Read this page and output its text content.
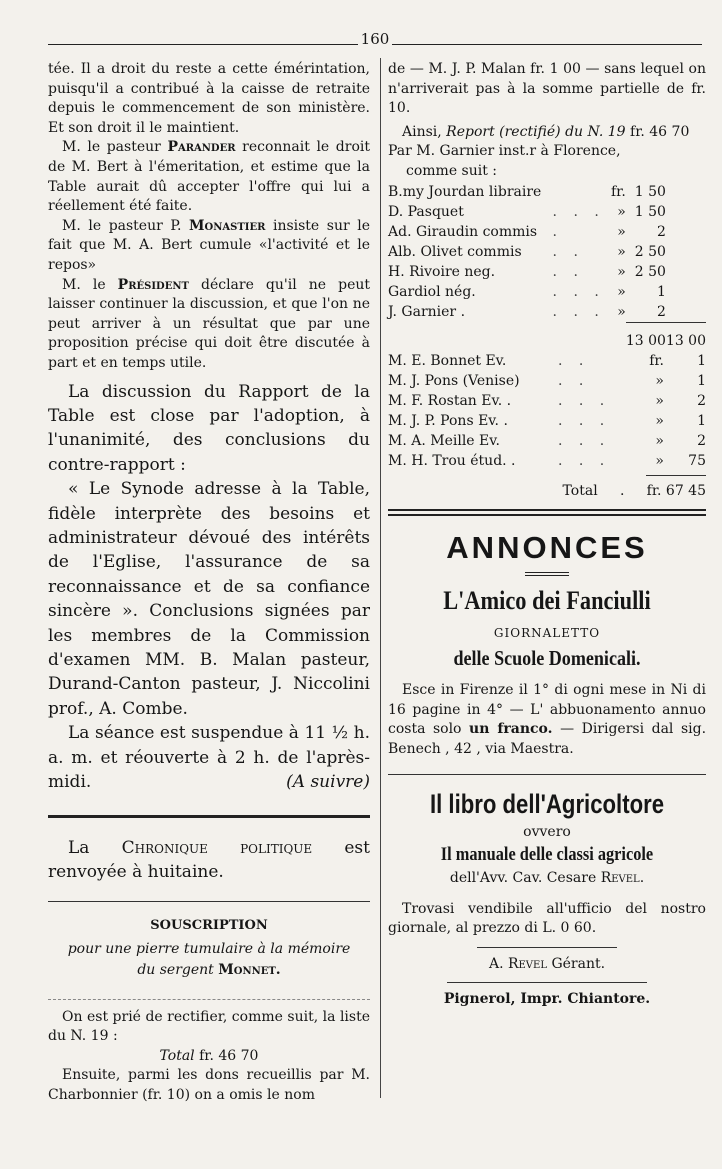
160

tée. Il a droit du reste a cette émérintation, puisqu'il a contribué à la caisse de retraite depuis le commencement de son ministère. Et son droit il le maintient.

M. le pasteur Parander reconnait le droit de M. Bert à l'émeritation, et estime que la Table aurait dû accepter l'offre qui lui a réellement été faite.

M. le pasteur P. Monastier insiste sur le fait que M. A. Bert cumule «l'activité et le repos»

M. le Président déclare qu'il ne peut laisser continuer la discussion, et que l'on ne peut arriver à un résultat que par une proposition précise qui doit être discutée à part et en temps utile.

La discussion du Rapport de la Table est close par l'adoption, à l'unanimité, des conclusions du contre-rapport :

« Le Synode adresse à la Table, fidèle interprète des besoins et administrateur dévoué des intérêts de l'Eglise, l'assurance de sa reconnaissance et de sa confiance sincère ». Conclusions signées par les membres de la Commission d'examen MM. B. Malan pasteur, Durand-Canton pasteur, J. Niccolini prof., A. Combe.

La séance est suspendue à 11 ½ h. a. m. et réouverte à 2 h. de l'après-midi.	(A suivre)

La Chronique politique est renvoyée à huitaine.

SOUSCRIPTION

pour une pierre tumulaire à la mémoire
du sergent Monnet.

On est prié de rectifier, comme suit, la liste du N. 19 :

Total fr. 46 70

Ensuite, parmi les dons recueillis par M. Charbonnier (fr. 10) on a omis le nom

de — M. J. P. Malan fr. 1 00 — sans lequel on n'arriverait pas à la somme partielle de fr. 10.

Ainsi, Report (rectifié) du N. 19 fr. 46 70

Par M. Garnier inst.r à Florence,

comme suit :

B.my Jourdan libraire		fr.	1 50	
D. Pasquet	. . .	»	1 50	
Ad. Giraudin commis	.	»	2	
Alb. Olivet commis	. .	»	2 50	
H. Rivoire neg.	. .	»	2 50	
Gardiol nég.	. . .	»	1	
J. Garnier .	. . .	»	2	

			13 00	13 00
M. E. Bonnet Ev.	. .	fr.	1
M. J. Pons (Venise)	. .	»	1
M. F. Rostan Ev. .	. . .	»	2
M. J. P. Pons Ev. .	. . .	»	1
M. A. Meille Ev.	. . .	»	2
M. H. Trou étud. .	. . .	»	75

Total . fr. 67 45

ANNONCES

L'Amico dei Fanciulli

GIORNALETTO

delle Scuole Domenicali.

Esce in Firenze il 1° di ogni mese in Ni di 16 pagine in 4° — L' abbuonamento annuo costa solo un franco. — Dirigersi dal sig. Benech , 42 , via Maestra.

Il libro dell'Agricoltore

ovvero

Il manuale delle classi agricole

dell'Avv. Cav. Cesare Revel.

Trovasi vendibile all'ufficio del nostro giornale, al prezzo di L. 0 60.

A. Revel Gérant.

Pignerol, Impr. Chiantore.
